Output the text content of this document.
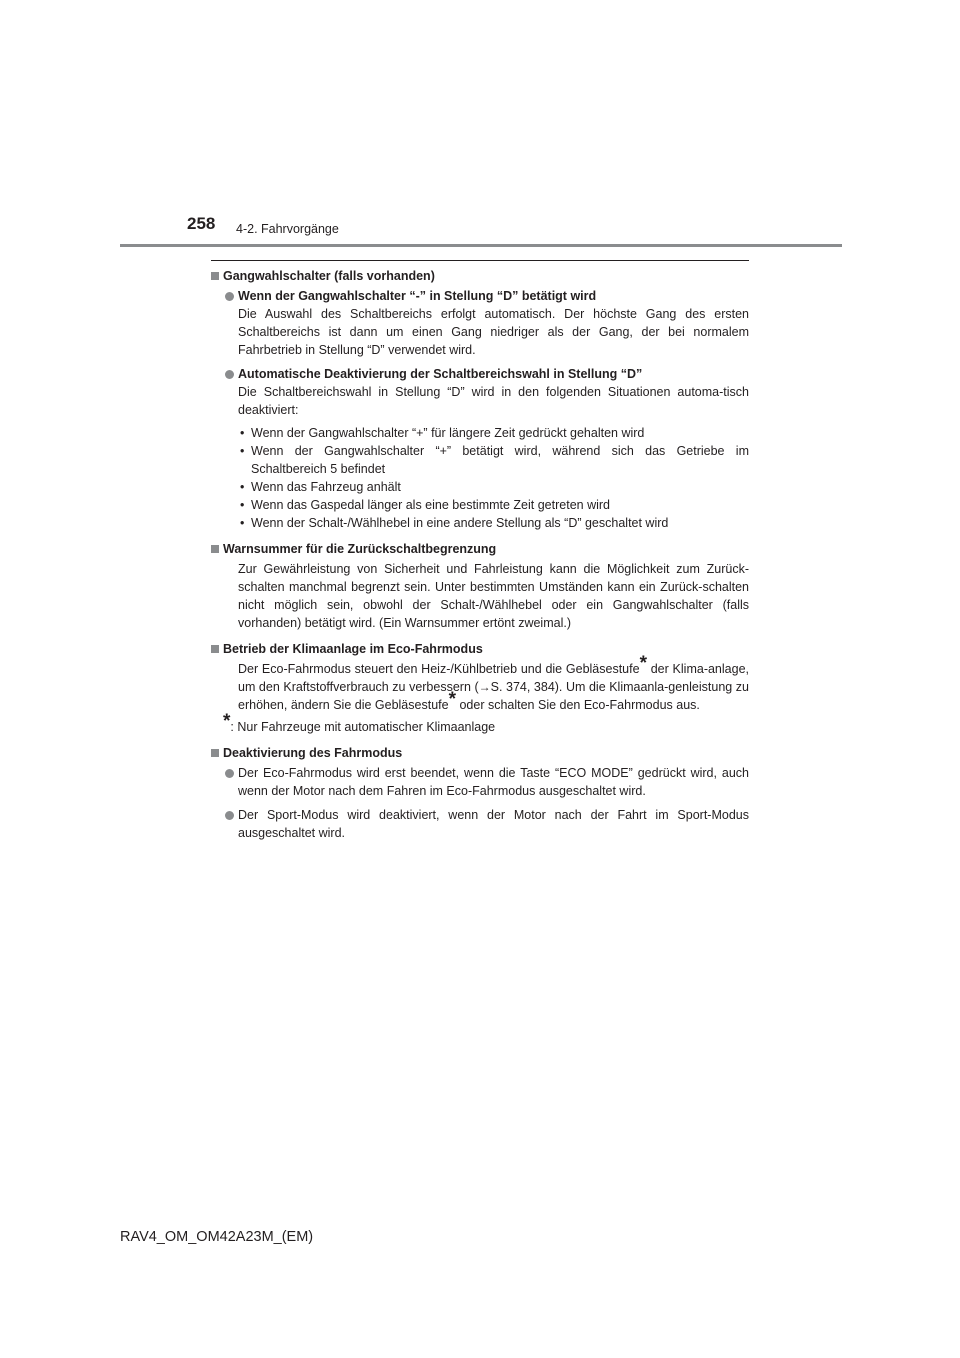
258 4-2. Fahrvorgänge
Gangwahlschalter (falls vorhanden)
Wenn der Gangwahlschalter “-” in Stellung “D” betätigt wird
Die Auswahl des Schaltbereichs erfolgt automatisch. Der höchste Gang des ersten Schaltbereichs ist dann um einen Gang niedriger als der Gang, der bei normalem Fahrbetrieb in Stellung “D” verwendet wird.
Automatische Deaktivierung der Schaltbereichswahl in Stellung “D”
Die Schaltbereichswahl in Stellung “D” wird in den folgenden Situationen automa-tisch deaktiviert:
• Wenn der Gangwahlschalter “+” für längere Zeit gedrückt gehalten wird
• Wenn der Gangwahlschalter “+” betätigt wird, während sich das Getriebe im Schaltbereich 5 befindet
• Wenn das Fahrzeug anhält
• Wenn das Gaspedal länger als eine bestimmte Zeit getreten wird
• Wenn der Schalt-/Wählhebel in eine andere Stellung als “D” geschaltet wird
Warnsummer für die Zurückschaltbegrenzung
Zur Gewährleistung von Sicherheit und Fahrleistung kann die Möglichkeit zum Zurück-schalten manchmal begrenzt sein. Unter bestimmten Umständen kann ein Zurück-schalten nicht möglich sein, obwohl der Schalt-/Wählhebel oder ein Gangwahlschalter (falls vorhanden) betätigt wird. (Ein Warnsummer ertönt zweimal.)
Betrieb der Klimaanlage im Eco-Fahrmodus
Der Eco-Fahrmodus steuert den Heiz-/Kühlbetrieb und die Gebläsestufe* der Klima-anlage, um den Kraftstoffverbrauch zu verbessern (→S. 374, 384). Um die Klimaanla-genleistung zu erhöhen, ändern Sie die Gebläsestufe* oder schalten Sie den Eco-Fahrmodus aus.
*: Nur Fahrzeuge mit automatischer Klimaanlage
Deaktivierung des Fahrmodus
Der Eco-Fahrmodus wird erst beendet, wenn die Taste “ECO MODE” gedrückt wird, auch wenn der Motor nach dem Fahren im Eco-Fahrmodus ausgeschaltet wird.
Der Sport-Modus wird deaktiviert, wenn der Motor nach der Fahrt im Sport-Modus ausgeschaltet wird.
RAV4_OM_OM42A23M_(EM)
